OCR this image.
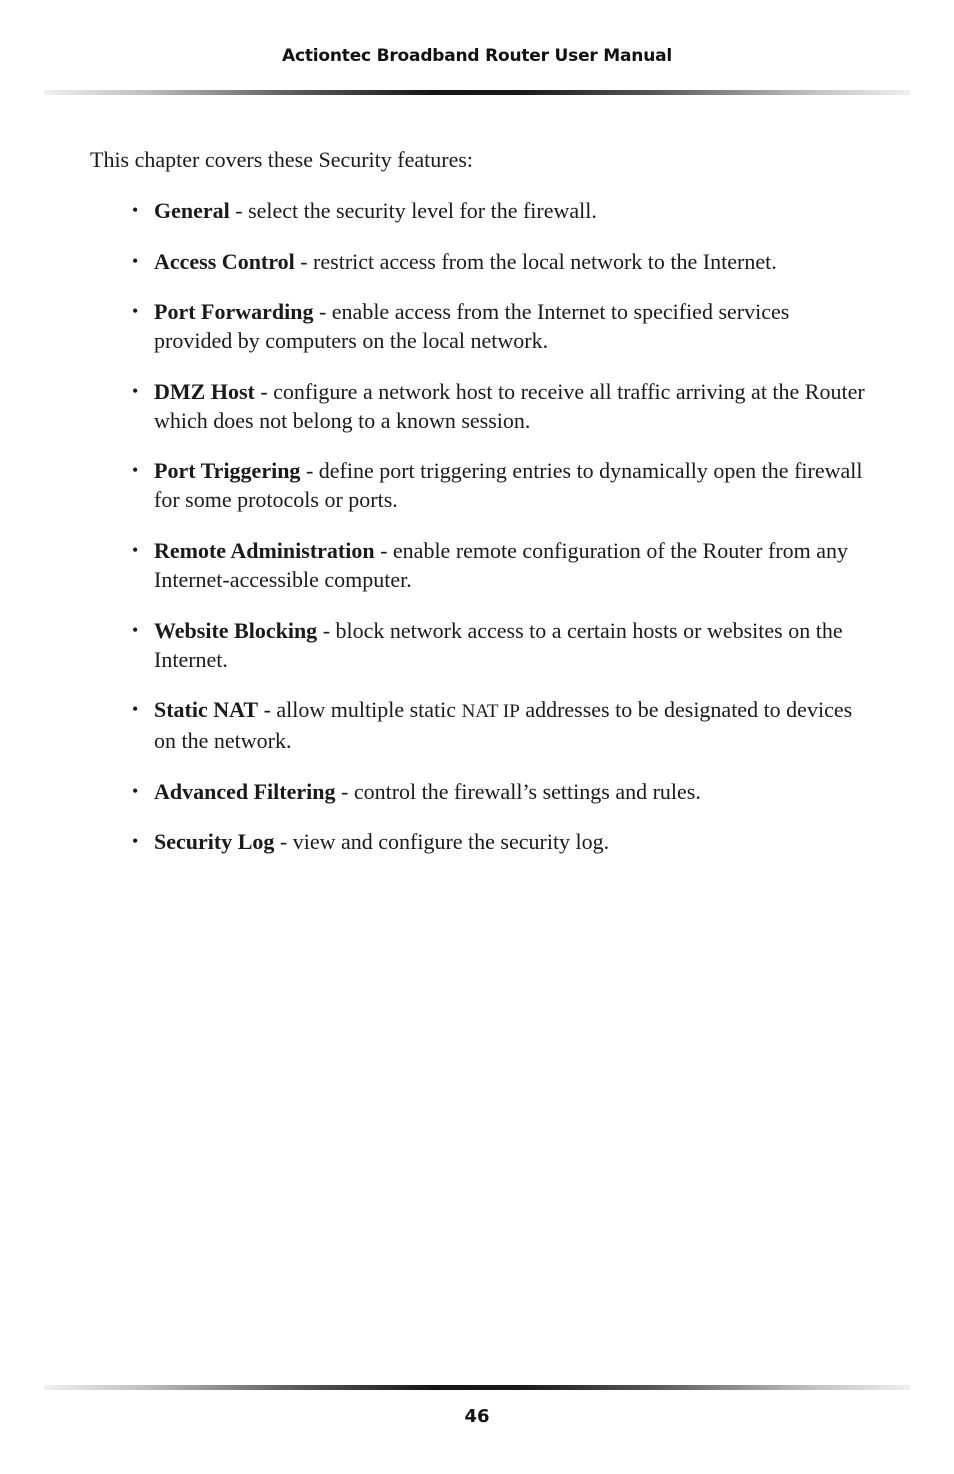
Actiontec Broadband Router User Manual

This chapter covers these Security features:

• General - select the security level for the firewall.
• Access Control - restrict access from the local network to the Internet.
• Port Forwarding - enable access from the Internet to specified services provided by computers on the local network.
• DMZ Host - configure a network host to receive all traffic arriving at the Router which does not belong to a known session.
• Port Triggering - define port triggering entries to dynamically open the firewall for some protocols or ports.
• Remote Administration - enable remote configuration of the Router from any Internet-accessible computer.
• Website Blocking - block network access to a certain hosts or websites on the Internet.
• Static NAT - allow multiple static NAT IP addresses to be designated to devices on the network.
• Advanced Filtering - control the firewall’s settings and rules.
• Security Log - view and configure the security log.
46
